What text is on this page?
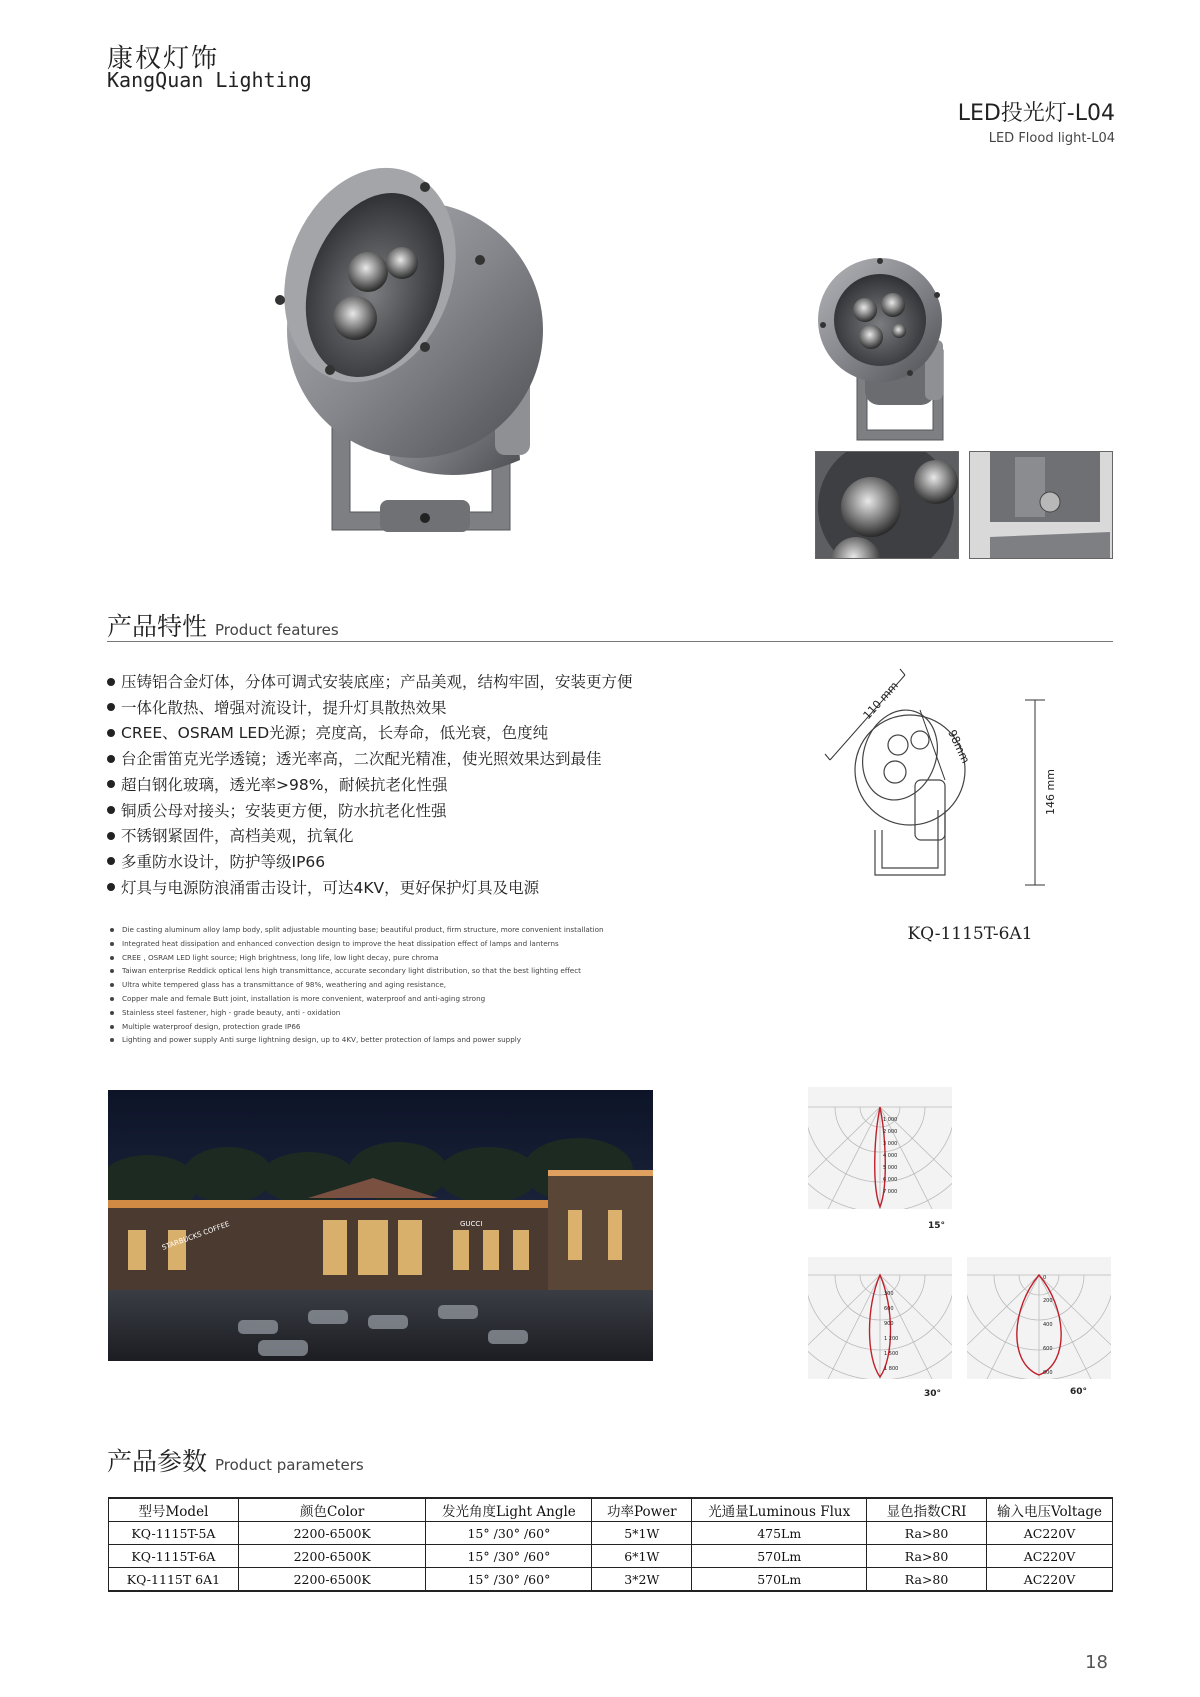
康权灯饰
KangQuan Lighting
LED投光灯-L04
LED Flood light-L04
产品特性 Product features
压铸铝合金灯体，分体可调式安装底座；产品美观，结构牢固，安装更方便
一体化散热、增强对流设计，提升灯具散热效果
CREE、OSRAM LED光源；亮度高，长寿命，低光衰，色度纯
台企雷笛克光学透镜；透光率高，二次配光精准，使光照效果达到最佳
超白钢化玻璃，透光率>98%，耐候抗老化性强
铜质公母对接头；安装更方便，防水抗老化性强
不锈钢紧固件，高档美观，抗氧化
多重防水设计，防护等级IP66
灯具与电源防浪涌雷击设计，可达4KV，更好保护灯具及电源
Die casting aluminum alloy lamp body, split adjustable mounting base; beautiful product, firm structure, more convenient installation
Integrated heat dissipation and enhanced convection design to improve the heat dissipation effect of lamps and lanterns
CREE , OSRAM LED light source; High brightness, long life, low light decay, pure chroma
Taiwan enterprise Reddick optical lens high transmittance, accurate secondary light distribution, so that the best lighting effect
Ultra white tempered glass has a transmittance of 98%, weathering and aging resistance,
Copper male and female Butt joint, installation is more convenient, waterproof and anti-aging strong
Stainless steel fastener, high - grade beauty, anti - oxidation
Multiple waterproof design, protection grade IP66
Lighting and power supply Anti surge lightning design, up to 4KV, better protection of lamps and power supply
110 mm
98mm
146 mm
KQ-1115T-6A1
STARBUCKS COFFEE	GUCCI
1 000
2 000
3 000
4 000
5 000
6 000
7 000
15°
300
600
900
1 200
1 500
1 800
30°
0
200
400
600
800
60°
产品参数 Product parameters
型号Model	颜色Color	发光角度Light Angle	功率Power	光通量Luminous Flux	显色指数CRI	输入电压Voltage
KQ-1115T-5A	2200-6500K	15° /30° /60°	5*1W	475Lm	Ra>80	AC220V
KQ-1115T-6A	2200-6500K	15° /30° /60°	6*1W	570Lm	Ra>80	AC220V
KQ-1115T 6A1	2200-6500K	15° /30° /60°	3*2W	570Lm	Ra>80	AC220V
18
